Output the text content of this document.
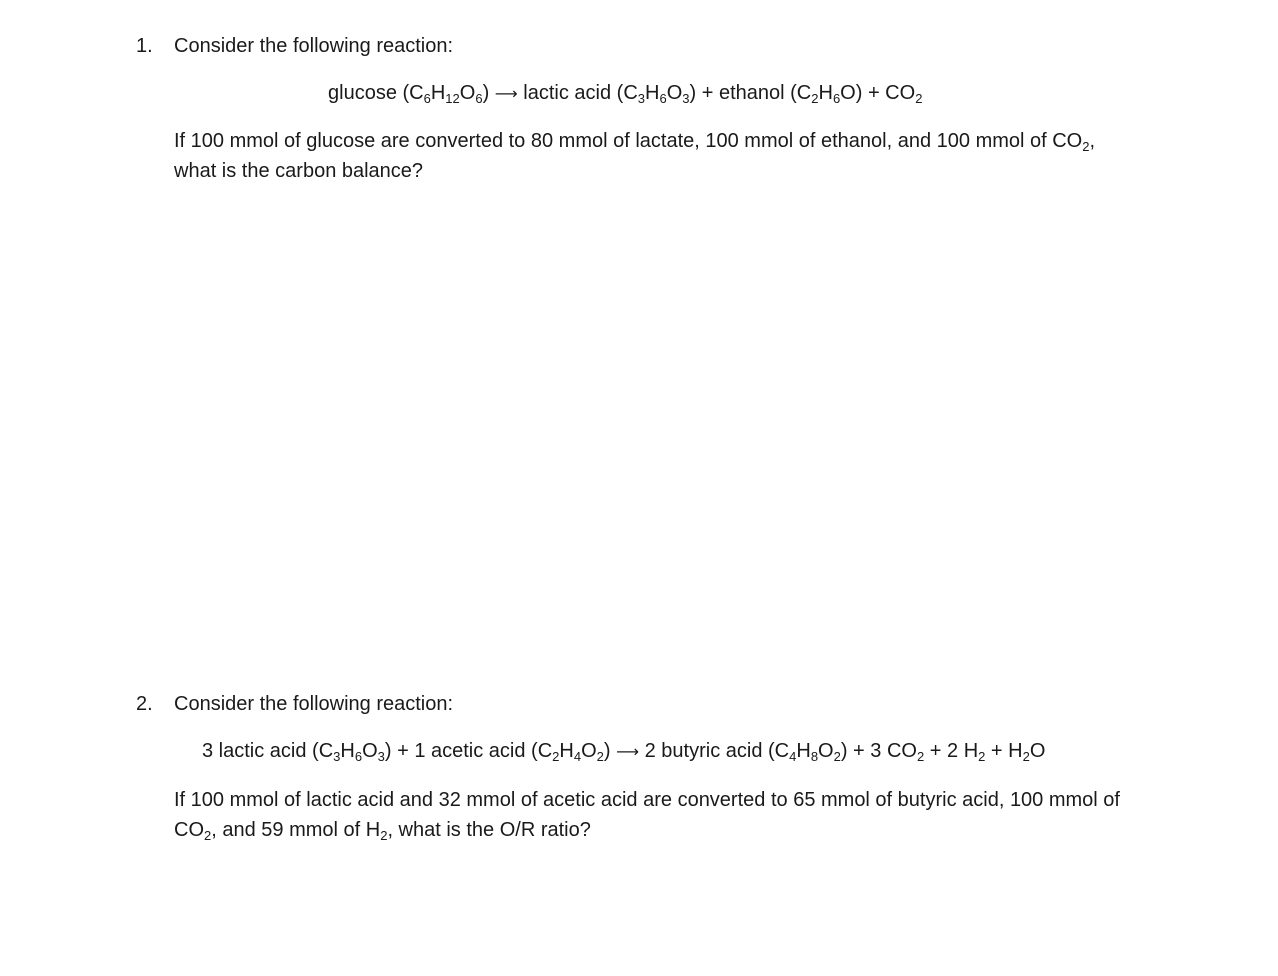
1. Consider the following reaction:
glucose $(C_6H_{12}O_6)$ ⟶ lactic acid $(C_3H_6O_3)$ + ethanol $(C_2H_6O) + CO_2$
If 100 mmol of glucose are converted to 80 mmol of lactate, 100 mmol of ethanol, and 100 mmol of $CO_2$, what is the carbon balance?
2. Consider the following reaction:
3 lactic acid $(C_3H_6O_3) + 1$ acetic acid $(C_2H_4O_2)$ ⟶ 2 butyric acid $(C_4H_8O_2) + 3$ $CO_2 + 2$ $H_2 + H_2O$
If 100 mmol of lactic acid and 32 mmol of acetic acid are converted to 65 mmol of butyric acid, 100 mmol of $CO_2$, and 59 mmol of $H_2$, what is the O/R ratio?
